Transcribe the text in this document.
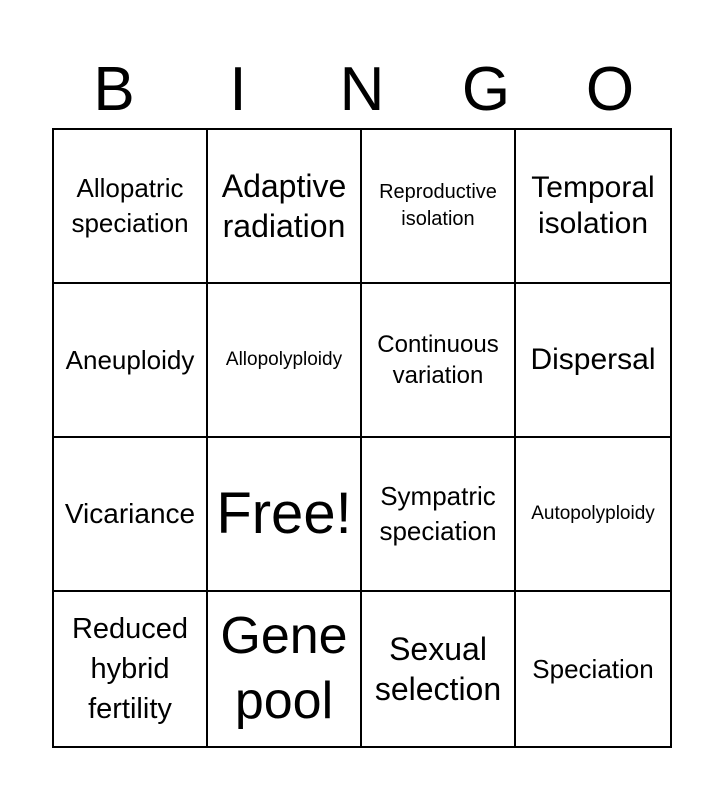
B	I	N	G	O
Allopatric speciation
Adaptive radiation
Reproductive isolation
Temporal isolation
Aneuploidy Allopolyploidy
Continuous variation	Dispersal
Vicariance Free!	Sympatric speciation
Autopolyploidy
Reduced hybrid fertility
Gene pool
Sexual selection
Speciation
